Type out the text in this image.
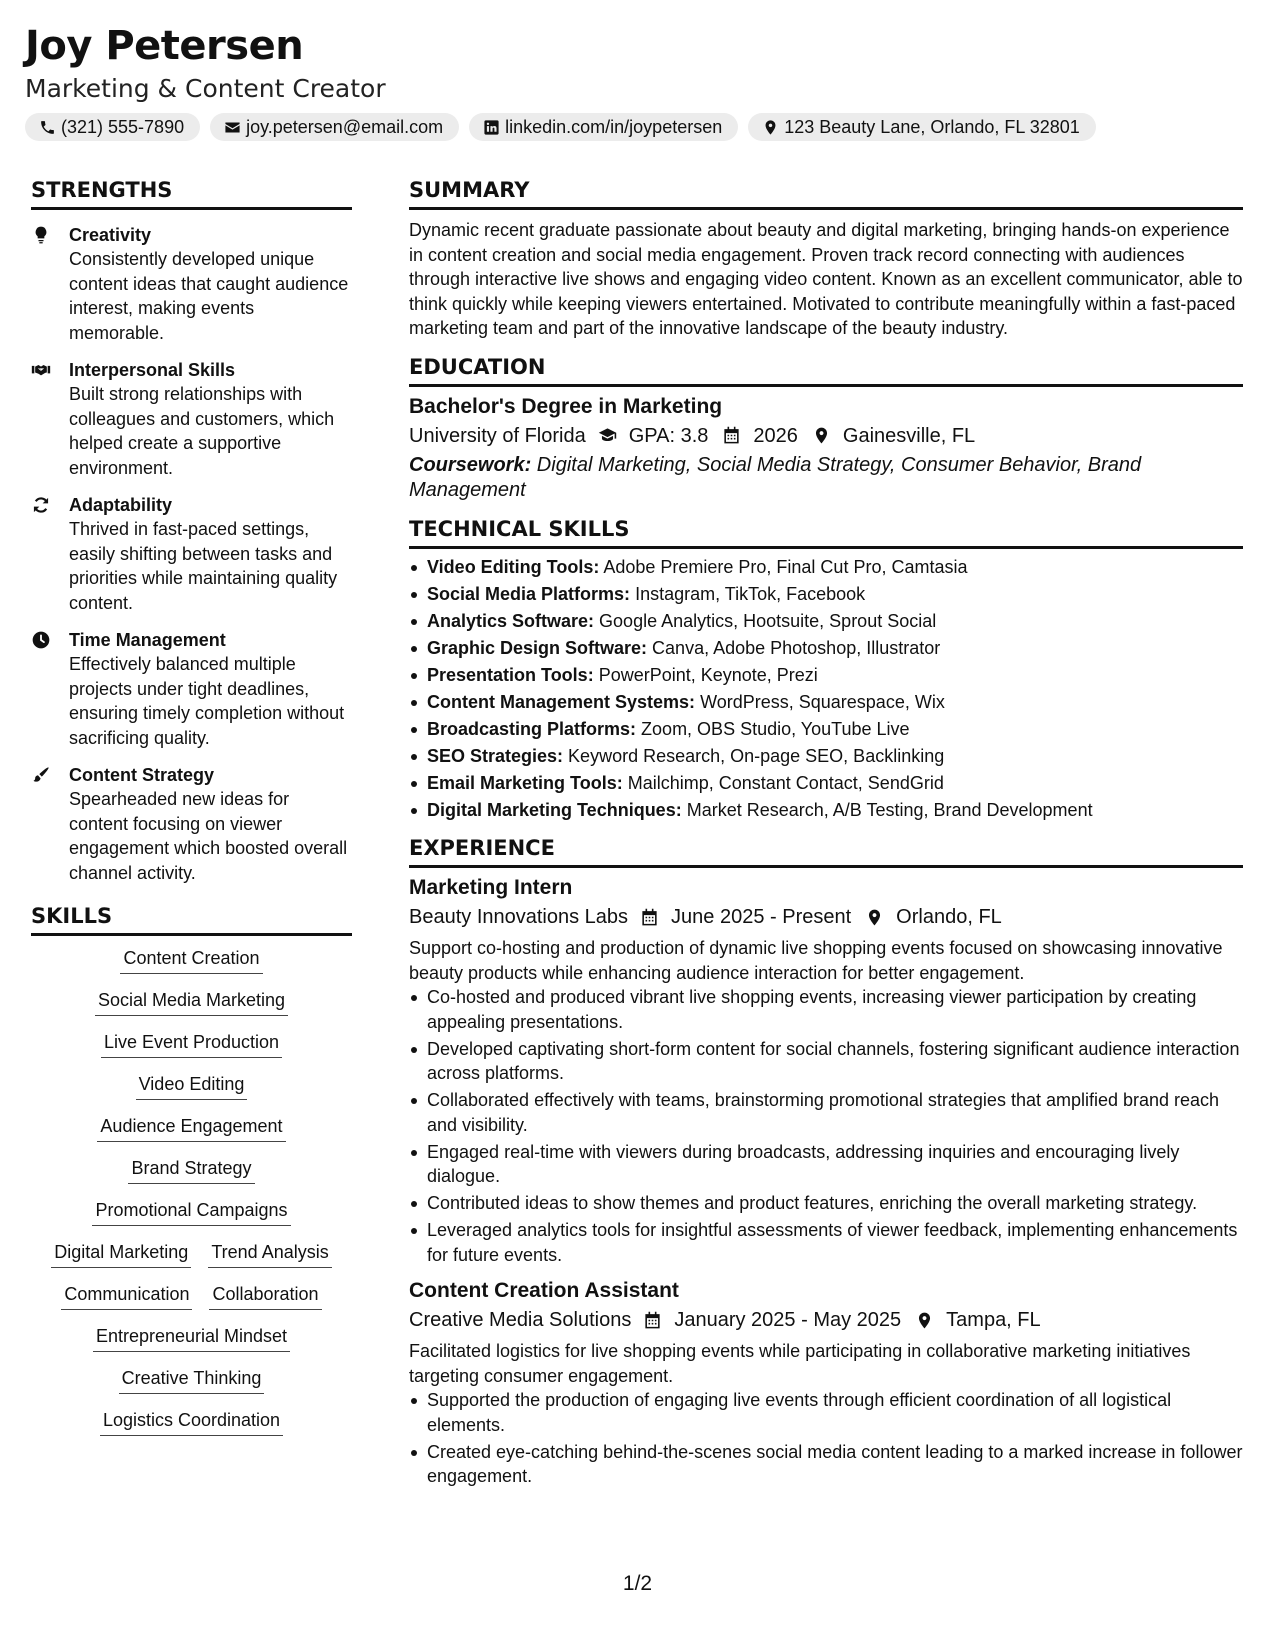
Joy Petersen
Marketing & Content Creator
(321) 555-7890	joy.petersen@email.com	linkedin.com/in/joypetersen	123 Beauty Lane, Orlando, FL 32801
STRENGTHS
Creativity
Consistently developed unique content ideas that caught audience interest, making events memorable.
Interpersonal Skills
Built strong relationships with colleagues and customers, which helped create a supportive environment.
Adaptability
Thrived in fast-paced settings, easily shifting between tasks and priorities while maintaining quality content.
Time Management
Effectively balanced multiple projects under tight deadlines, ensuring timely completion without sacrificing quality.
Content Strategy
Spearheaded new ideas for content focusing on viewer engagement which boosted overall channel activity.
SKILLS
Content Creation
Social Media Marketing
Live Event Production
Video Editing
Audience Engagement
Brand Strategy
Promotional Campaigns
Digital Marketing Trend Analysis
Communication Collaboration
Entrepreneurial Mindset
Creative Thinking
Logistics Coordination
SUMMARY
Dynamic recent graduate passionate about beauty and digital marketing, bringing hands-on experience in content creation and social media engagement. Proven track record connecting with audiences through interactive live shows and engaging video content. Known as an excellent communicator, able to think quickly while keeping viewers entertained. Motivated to contribute meaningfully within a fast-paced marketing team and part of the innovative landscape of the beauty industry.
EDUCATION
Bachelor's Degree in Marketing
University of Florida GPA: 3.8 2026 Gainesville, FL
Coursework: Digital Marketing, Social Media Strategy, Consumer Behavior, Brand Management
TECHNICAL SKILLS
Video Editing Tools: Adobe Premiere Pro, Final Cut Pro, Camtasia
Social Media Platforms: Instagram, TikTok, Facebook
Analytics Software: Google Analytics, Hootsuite, Sprout Social
Graphic Design Software: Canva, Adobe Photoshop, Illustrator
Presentation Tools: PowerPoint, Keynote, Prezi
Content Management Systems: WordPress, Squarespace, Wix
Broadcasting Platforms: Zoom, OBS Studio, YouTube Live
SEO Strategies: Keyword Research, On-page SEO, Backlinking
Email Marketing Tools: Mailchimp, Constant Contact, SendGrid
Digital Marketing Techniques: Market Research, A/B Testing, Brand Development
EXPERIENCE
Marketing Intern
Beauty Innovations Labs June 2025 - Present Orlando, FL
Support co-hosting and production of dynamic live shopping events focused on showcasing innovative beauty products while enhancing audience interaction for better engagement.
Co-hosted and produced vibrant live shopping events, increasing viewer participation by creating appealing presentations.
Developed captivating short-form content for social channels, fostering significant audience interaction across platforms.
Collaborated effectively with teams, brainstorming promotional strategies that amplified brand reach and visibility.
Engaged real-time with viewers during broadcasts, addressing inquiries and encouraging lively dialogue.
Contributed ideas to show themes and product features, enriching the overall marketing strategy.
Leveraged analytics tools for insightful assessments of viewer feedback, implementing enhancements for future events.
Content Creation Assistant
Creative Media Solutions January 2025 - May 2025 Tampa, FL
Facilitated logistics for live shopping events while participating in collaborative marketing initiatives targeting consumer engagement.
Supported the production of engaging live events through efficient coordination of all logistical elements.
Created eye-catching behind-the-scenes social media content leading to a marked increase in follower engagement.
1/2
